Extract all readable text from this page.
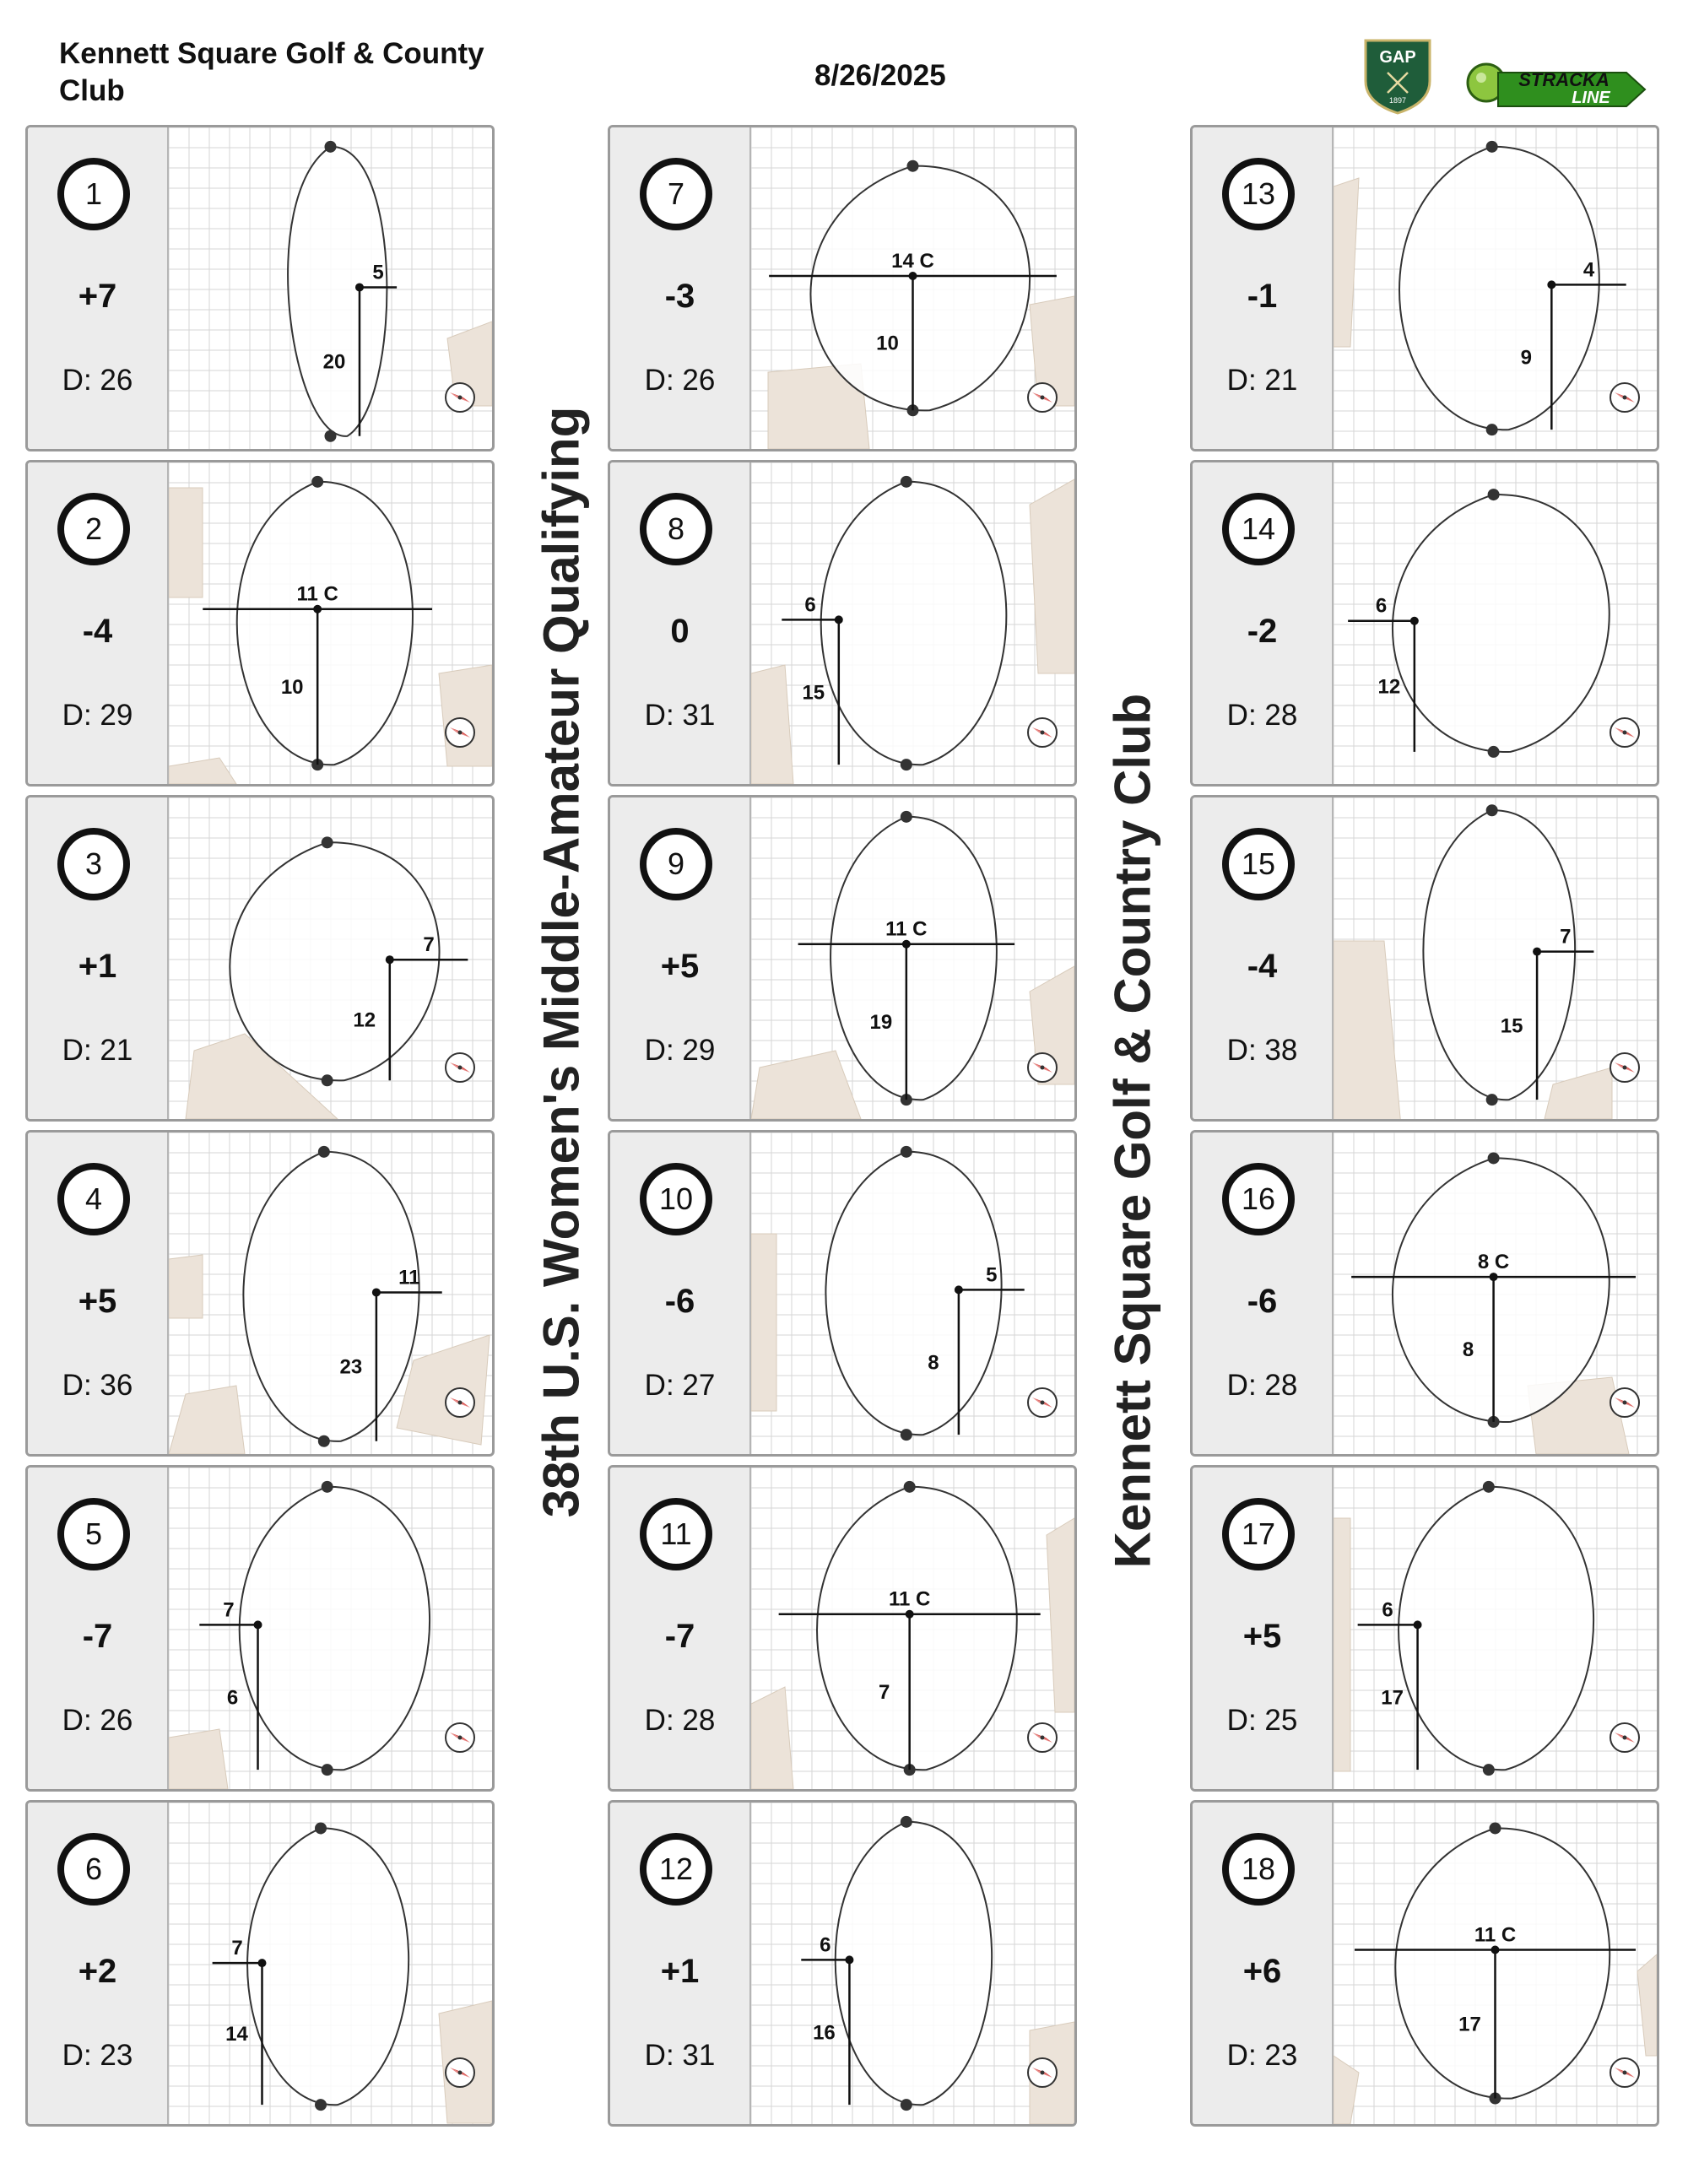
Kennett Square Golf & County Club	8/26/2025
GAP
1897
STRACKA
LINE
38th U.S. Women's Middle-Amateur Qualifying	Kennett Square Golf & Country Club
1
+7
D: 26
5
20
2
-4
D: 29
11 C
10
3
+1
D: 21
7
12
4
+5
D: 36
11
23
5
-7
D: 26
7
6
6
+2
D: 23
7
14
7
-3
D: 26
14 C
10
8
0
D: 31
6
15
9
+5
D: 29
11 C
19
10
-6
D: 27
5
8
11
-7
D: 28
11 C
7
12
+1
D: 31
6
16
13
-1
D: 21
4
9
14
-2
D: 28
6
12
15
-4
D: 38
7
15
16
-6
D: 28
8 C
8
17
+5
D: 25
6
17
18
+6
D: 23
11 C
17
